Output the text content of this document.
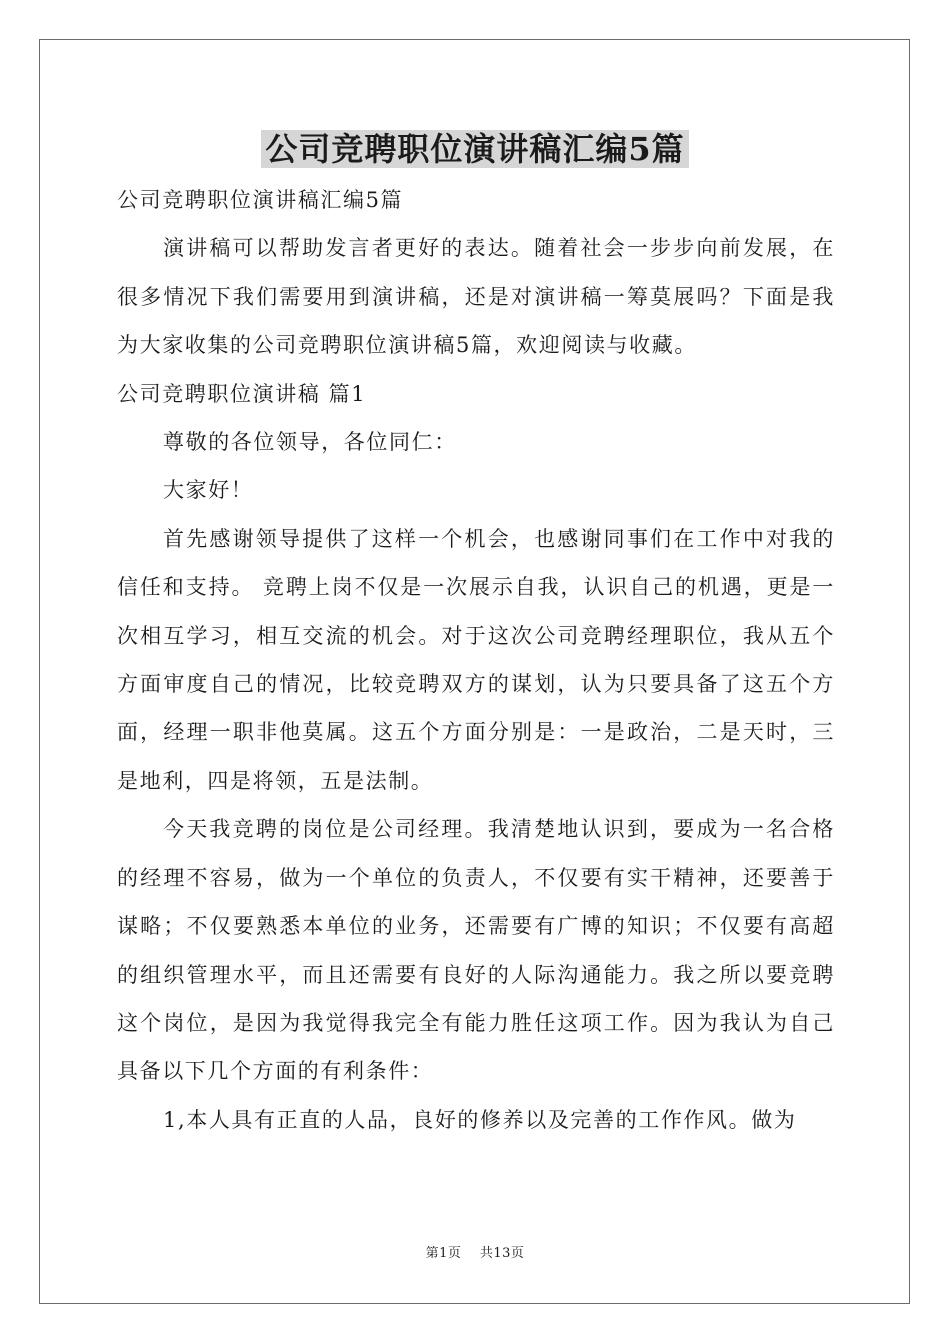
公司竞聘职位演讲稿汇编5篇

公司竞聘职位演讲稿汇编5篇

演讲稿可以帮助发言者更好的表达。随着社会一步步向前发展，在很多情况下我们需要用到演讲稿，还是对演讲稿一筹莫展吗？下面是我为大家收集的公司竞聘职位演讲稿5篇，欢迎阅读与收藏。

公司竞聘职位演讲稿 篇1

尊敬的各位领导，各位同仁：

大家好！

首先感谢领导提供了这样一个机会，也感谢同事们在工作中对我的信任和支持。 竞聘上岗不仅是一次展示自我，认识自己的机遇，更是一次相互学习，相互交流的机会。对于这次公司竞聘经理职位，我从五个方面审度自己的情况，比较竞聘双方的谋划，认为只要具备了这五个方面，经理一职非他莫属。这五个方面分别是：一是政治，二是天时，三是地利，四是将领，五是法制。

今天我竞聘的岗位是公司经理。我清楚地认识到，要成为一名合格的经理不容易，做为一个单位的负责人，不仅要有实干精神，还要善于谋略；不仅要熟悉本单位的业务，还需要有广博的知识；不仅要有高超的组织管理水平，而且还需要有良好的人际沟通能力。我之所以要竞聘这个岗位，是因为我觉得我完全有能力胜任这项工作。因为我认为自己具备以下几个方面的有利条件：

1,本人具有正直的人品，良好的修养以及完善的工作作风。做为

第1页 共13页
